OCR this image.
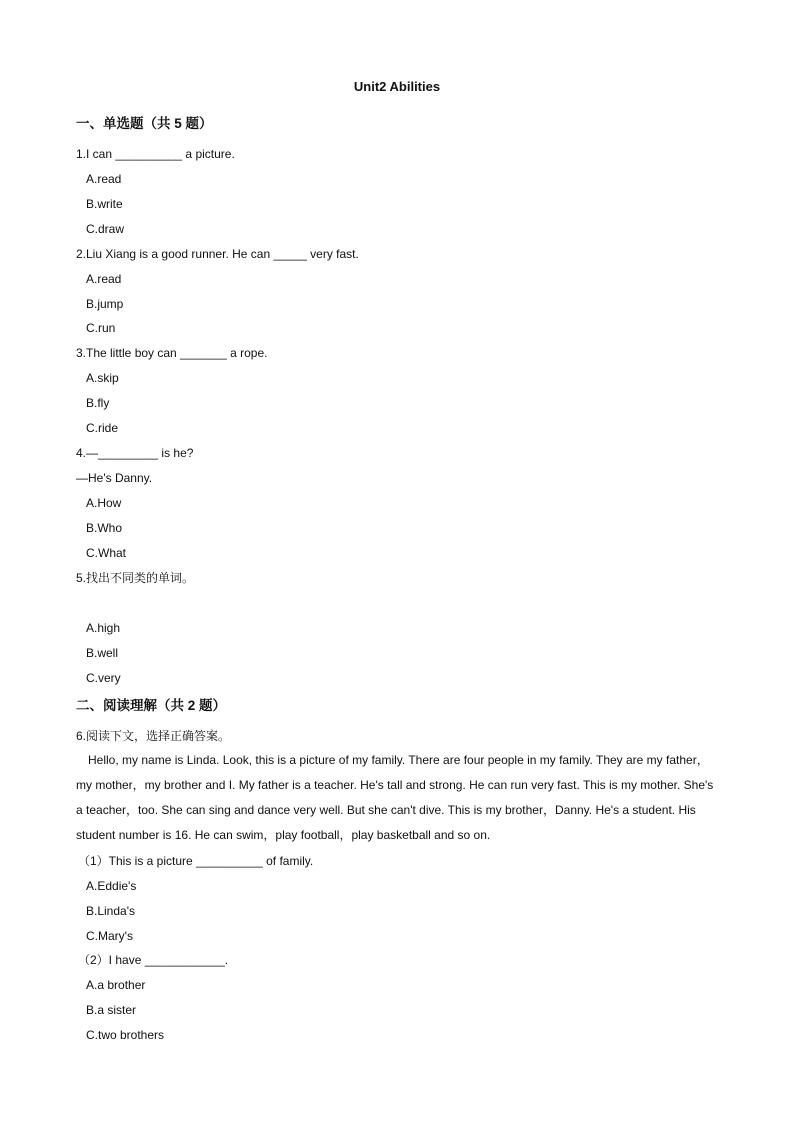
Unit2 Abilities
一、单选题（共 5 题）
1.I can __________ a picture.
A.read
B.write
C.draw
2.Liu Xiang is a good runner. He can _____ very fast.
A.read
B.jump
C.run
3.The little boy can _______ a rope.
A.skip
B.fly
C.ride
4.—_________ is he?
—He's Danny.
A.How
B.Who
C.What
5.找出不同类的单词。
A.high
B.well
C.very
二、阅读理解（共 2 题）
6.阅读下文，选择正确答案。
Hello, my name is Linda. Look, this is a picture of my family. There are four people in my family. They are my father，my mother，my brother and I. My father is a teacher. He's tall and strong. He can run very fast. This is my mother. She's a teacher，too. She can sing and dance very well. But she can't dive. This is my brother，Danny. He's a student. His student number is 16. He can swim，play football，play basketball and so on.
（1）This is a picture __________ of family.
A.Eddie's
B.Linda's
C.Mary's
（2）I have ____________.
A.a brother
B.a sister
C.two brothers
